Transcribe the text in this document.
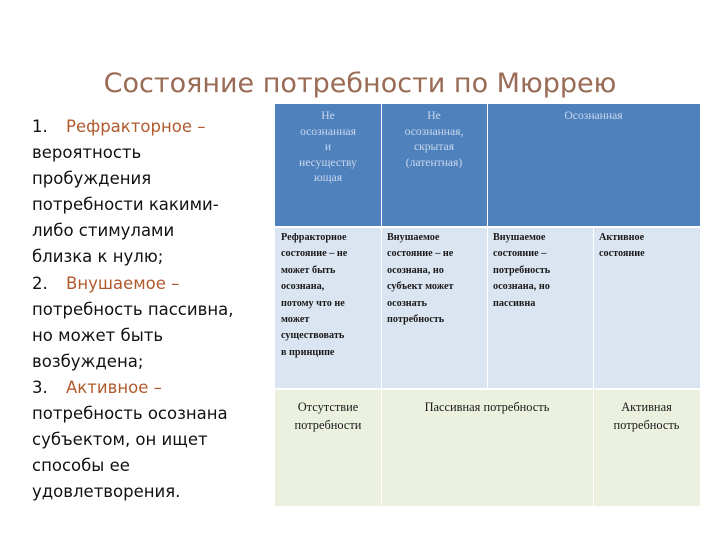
Состояние потребности по Мюррею
1. Рефракторное –
вероятность
пробуждения
потребности какими-
либо стимулами
близка к нулю;
2. Внушаемое –
потребность пассивна,
но может быть
возбуждена;
3. Активное –
потребность осознана
субъектом, он ищет
способы ее
удовлетворения.
Не
осознанная
и
несуществу
ющая
Не
осознанная,
скрытая
(латентная)
Осознанная
Рефракторное
состояние – не
может быть
осознана,
потому что не
может
существовать
в принципе
Внушаемое
состояние – не
осознана, но
субъект может
осознать
потребность
Внушаемое
состояние –
потребность
осознана, но
пассивна
Активное
состояние
Отсутствие
потребности
Пассивная потребность	Активная
потребность
